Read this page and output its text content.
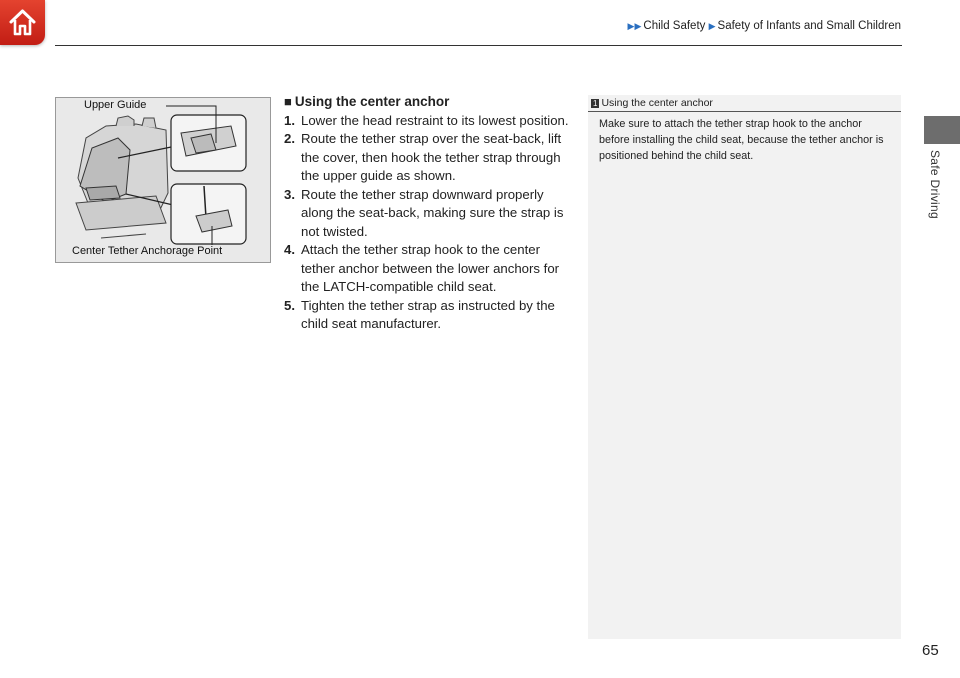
▶▶ Child Safety ▶ Safety of Infants and Small Children
Safe Driving
Upper Guide
Center Tether Anchorage Point
■ Using the center anchor
1. Lower the head restraint to its lowest position.
2. Route the tether strap over the seat-back, lift the cover, then hook the tether strap through the upper guide as shown.
3. Route the tether strap downward properly along the seat-back, making sure the strap is not twisted.
4. Attach the tether strap hook to the center tether anchor between the lower anchors for the LATCH-compatible child seat.
5. Tighten the tether strap as instructed by the child seat manufacturer.
1 Using the center anchor
Make sure to attach the tether strap hook to the anchor before installing the child seat, because the tether anchor is positioned behind the child seat.
65
